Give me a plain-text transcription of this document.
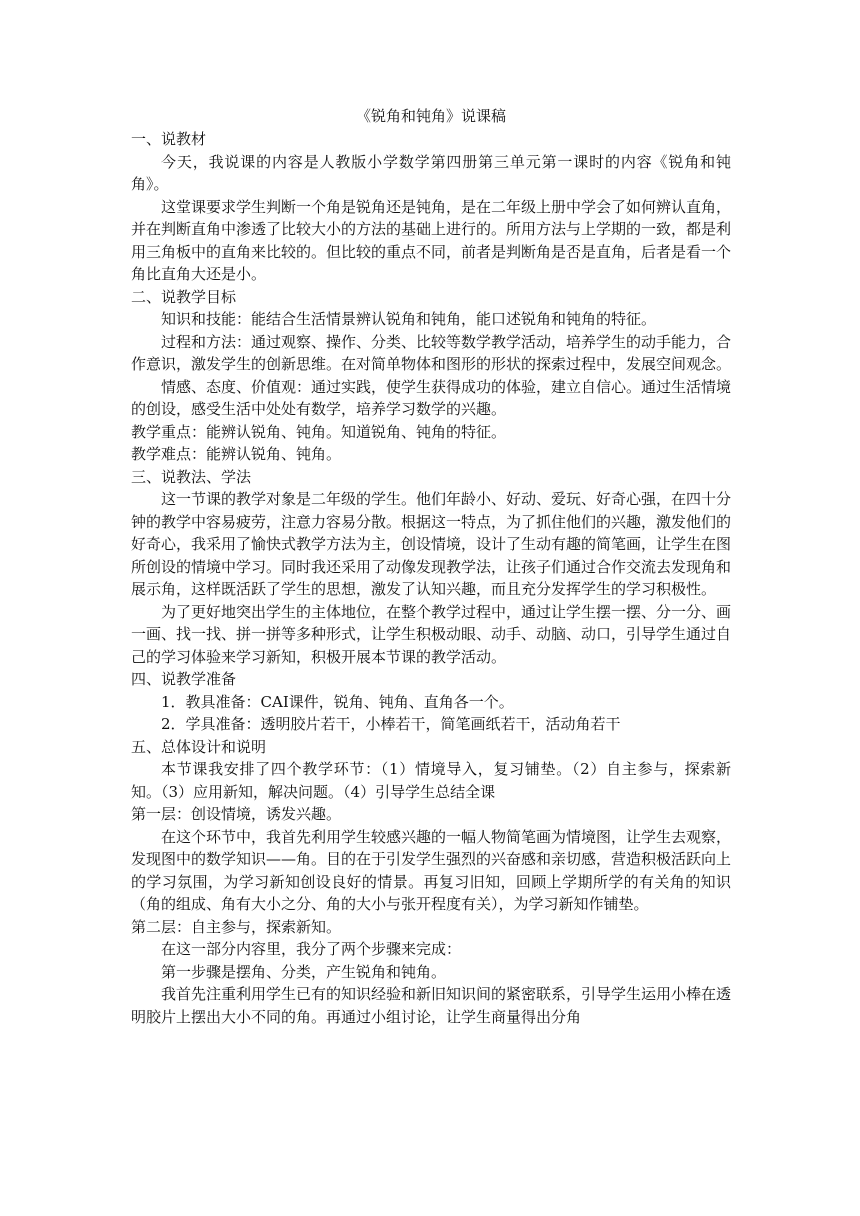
《锐角和钝角》说课稿

一、说教材

今天，我说课的内容是人教版小学数学第四册第三单元第一课时的内容《锐角和钝角》。

这堂课要求学生判断一个角是锐角还是钝角，是在二年级上册中学会了如何辨认直角，并在判断直角中渗透了比较大小的方法的基础上进行的。所用方法与上学期的一致，都是利用三角板中的直角来比较的。但比较的重点不同，前者是判断角是否是直角，后者是看一个角比直角大还是小。

二、说教学目标

知识和技能：能结合生活情景辨认锐角和钝角，能口述锐角和钝角的特征。

过程和方法：通过观察、操作、分类、比较等数学教学活动，培养学生的动手能力，合作意识，激发学生的创新思维。在对简单物体和图形的形状的探索过程中，发展空间观念。

情感、态度、价值观：通过实践，使学生获得成功的体验，建立自信心。通过生活情境的创设，感受生活中处处有数学，培养学习数学的兴趣。

教学重点：能辨认锐角、钝角。知道锐角、钝角的特征。

教学难点：能辨认锐角、钝角。

三、说教法、学法

这一节课的教学对象是二年级的学生。他们年龄小、好动、爱玩、好奇心强，在四十分钟的教学中容易疲劳，注意力容易分散。根据这一特点，为了抓住他们的兴趣，激发他们的好奇心，我采用了愉快式教学方法为主，创设情境，设计了生动有趣的简笔画，让学生在图所创设的情境中学习。同时我还采用了动像发现教学法，让孩子们通过合作交流去发现角和展示角，这样既活跃了学生的思想，激发了认知兴趣，而且充分发挥学生的学习积极性。

为了更好地突出学生的主体地位，在整个教学过程中，通过让学生摆一摆、分一分、画一画、找一找、拼一拼等多种形式，让学生积极动眼、动手、动脑、动口，引导学生通过自己的学习体验来学习新知，积极开展本节课的教学活动。

四、说教学准备

1．教具准备：CAI课件，锐角、钝角、直角各一个。

2．学具准备：透明胶片若干，小棒若干，简笔画纸若干，活动角若干

五、总体设计和说明

本节课我安排了四个教学环节：（1）情境导入，复习铺垫。（2）自主参与，探索新知。（3）应用新知，解决问题。（4）引导学生总结全课

第一层：创设情境，诱发兴趣。

在这个环节中，我首先利用学生较感兴趣的一幅人物简笔画为情境图，让学生去观察，发现图中的数学知识——角。目的在于引发学生强烈的兴奋感和亲切感，营造积极活跃向上的学习氛围，为学习新知创设良好的情景。再复习旧知，回顾上学期所学的有关角的知识（角的组成、角有大小之分、角的大小与张开程度有关），为学习新知作铺垫。

第二层：自主参与，探索新知。

在这一部分内容里，我分了两个步骤来完成：

第一步骤是摆角、分类，产生锐角和钝角。

我首先注重利用学生已有的知识经验和新旧知识间的紧密联系，引导学生运用小棒在透明胶片上摆出大小不同的角。再通过小组讨论，让学生商量得出分角
